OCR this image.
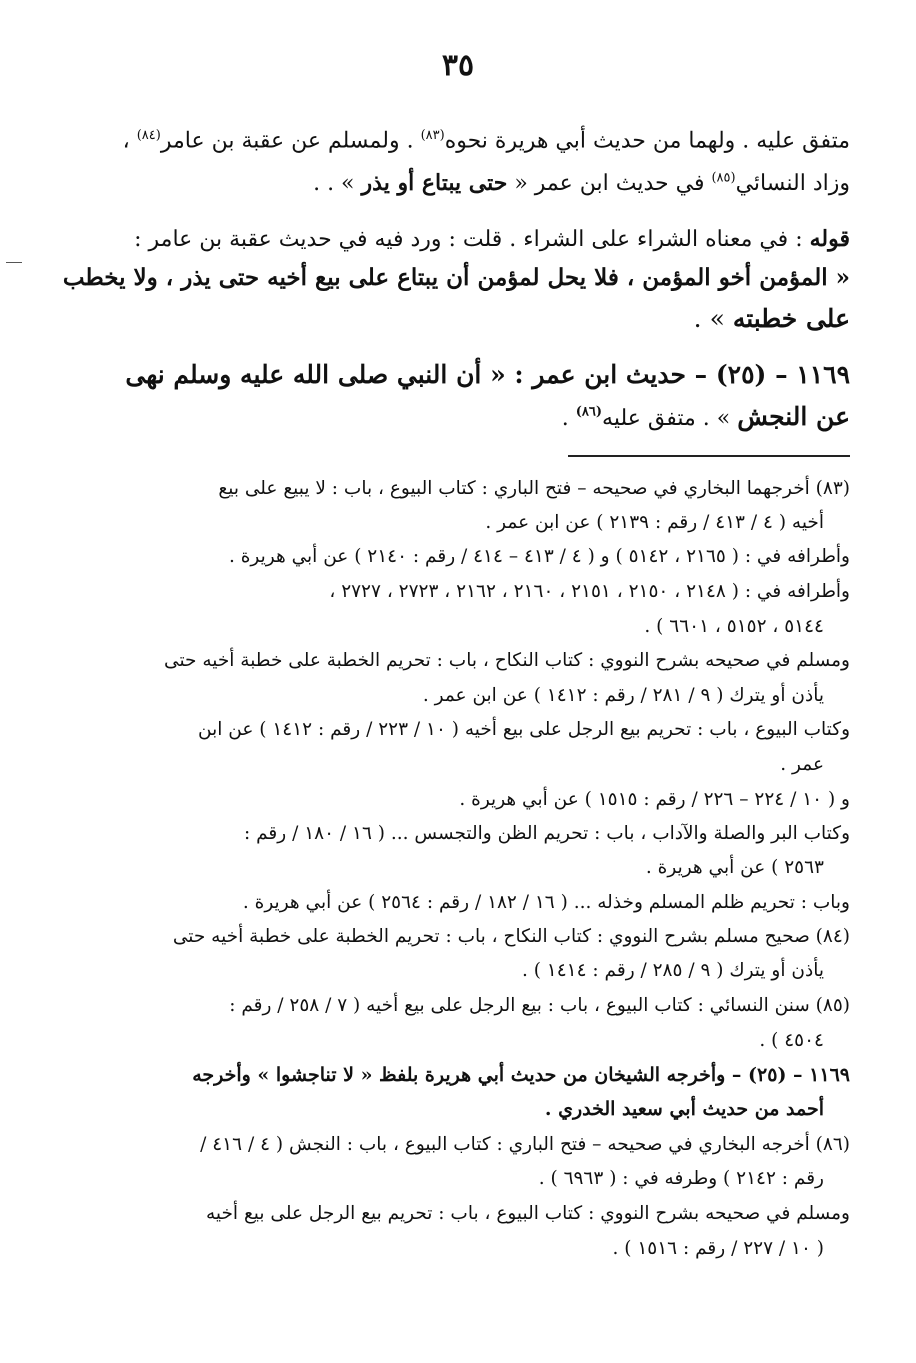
٣٥
متفق عليه . ولهما من حديث أبي هريرة نحوه$^{(٨٣)}$ . ولمسلم عن عقبة بن عامر$^{(٨٤)}$ ،
وزاد النسائي$^{(٨٥)}$ في حديث ابن عمر « حتى يبتاع أو يذر » . .
قوله : في معناه الشراء على الشراء . قلت : ورد فيه في حديث عقبة بن عامر :
« المؤمن أخو المؤمن ، فلا يحل لمؤمن أن يبتاع على بيع أخيه حتى يذر ، ولا يخطب
على خطبته » .
١١٦٩ – (٢٥) – حديث ابن عمر : « أن النبي صلى الله عليه وسلم نهى
عن النجش » . متفق عليه$^{(٨٦)}$ .
(٨٣) أخرجهما البخاري في صحيحه – فتح الباري : كتاب البيوع ، باب : لا يبيع على بيع
أخيه ( ٤ / ٤١٣ / رقم : ٢١٣٩ ) عن ابن عمر .
وأطرافه في : ( ٢١٦٥ ، ٥١٤٢ ) و ( ٤ / ٤١٣ – ٤١٤ / رقم : ٢١٤٠ ) عن أبي هريرة .
وأطرافه في : ( ٢١٤٨ ، ٢١٥٠ ، ٢١٥١ ، ٢١٦٠ ، ٢١٦٢ ، ٢٧٢٣ ، ٢٧٢٧ ،
٥١٤٤ ، ٥١٥٢ ، ٦٦٠١ ) .
ومسلم في صحيحه بشرح النووي : كتاب النكاح ، باب : تحريم الخطبة على خطبة أخيه حتى
يأذن أو يترك ( ٩ / ٢٨١ / رقم : ١٤١٢ ) عن ابن عمر .
وكتاب البيوع ، باب : تحريم بيع الرجل على بيع أخيه ( ١٠ / ٢٢٣ / رقم : ١٤١٢ ) عن ابن
عمر .
و ( ١٠ / ٢٢٤ – ٢٢٦ / رقم : ١٥١٥ ) عن أبي هريرة .
وكتاب البر والصلة والآداب ، باب : تحريم الظن والتجسس ... ( ١٦ / ١٨٠ / رقم :
٢٥٦٣ ) عن أبي هريرة .
وباب : تحريم ظلم المسلم وخذله ... ( ١٦ / ١٨٢ / رقم : ٢٥٦٤ ) عن أبي هريرة .
(٨٤) صحيح مسلم بشرح النووي : كتاب النكاح ، باب : تحريم الخطبة على خطبة أخيه حتى
يأذن أو يترك ( ٩ / ٢٨٥ / رقم : ١٤١٤ ) .
(٨٥) سنن النسائي : كتاب البيوع ، باب : بيع الرجل على بيع أخيه ( ٧ / ٢٥٨ / رقم :
٤٥٠٤ ) .
١١٦٩ – (٢٥) – وأخرجه الشيخان من حديث أبي هريرة بلفظ « لا تناجشوا » وأخرجه
أحمد من حديث أبي سعيد الخدري .
(٨٦) أخرجه البخاري في صحيحه – فتح الباري : كتاب البيوع ، باب : النجش ( ٤ / ٤١٦ /
رقم : ٢١٤٢ ) وطرفه في : ( ٦٩٦٣ ) .
ومسلم في صحيحه بشرح النووي : كتاب البيوع ، باب : تحريم بيع الرجل على بيع أخيه
( ١٠ / ٢٢٧ / رقم : ١٥١٦ ) .
